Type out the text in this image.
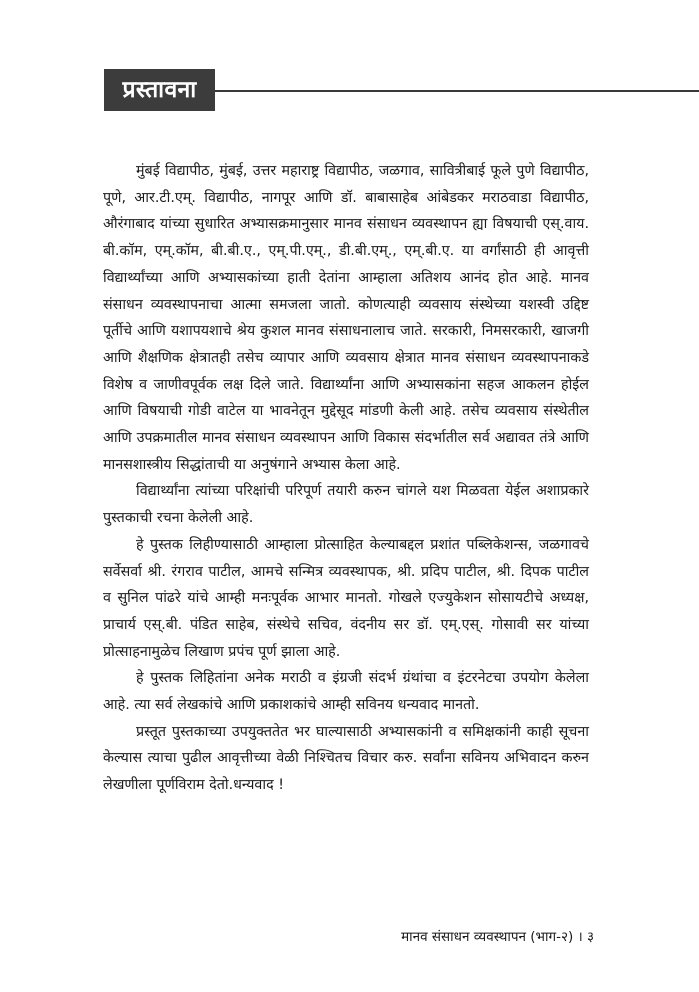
प्रस्तावना

मुंबई विद्यापीठ, मुंबई, उत्तर महाराष्ट्र विद्यापीठ, जळगाव, सावित्रीबाई फूले पुणे विद्यापीठ, पूणे, आर.टी.एम्. विद्यापीठ, नागपूर आणि डॉ. बाबासाहेब आंबेडकर मराठवाडा विद्यापीठ, औरंगाबाद यांच्या सुधारित अभ्यासक्रमानुसार मानव संसाधन व्यवस्थापन ह्या विषयाची एस्.वाय. बी.कॉम, एम्.कॉम, बी.बी.ए., एम्.पी.एम्., डी.बी.एम्., एम्.बी.ए. या वर्गांसाठी ही आवृत्ती विद्यार्थ्यांच्या आणि अभ्यासकांच्या हाती देतांना आम्हाला अतिशय आनंद होत आहे. मानव संसाधन व्यवस्थापनाचा आत्मा समजला जातो. कोणत्याही व्यवसाय संस्थेच्या यशस्वी उद्दिष्ट पूर्तीचे आणि यशापयशाचे श्रेय कुशल मानव संसाधनालाच जाते. सरकारी, निमसरकारी, खाजगी आणि शैक्षणिक क्षेत्रातही तसेच व्यापार आणि व्यवसाय क्षेत्रात मानव संसाधन व्यवस्थापनाकडे विशेष व जाणीवपूर्वक लक्ष दिले जाते. विद्यार्थ्यांना आणि अभ्यासकांना सहज आकलन होईल आणि विषयाची गोडी वाटेल या भावनेतून मुद्देसूद मांडणी केली आहे. तसेच व्यवसाय संस्थेतील आणि उपक्रमातील मानव संसाधन व्यवस्थापन आणि विकास संदर्भातील सर्व अद्यावत तंत्रे आणि मानसशास्त्रीय सिद्धांताची या अनुषंगाने अभ्यास केला आहे.

विद्यार्थ्यांना त्यांच्या परिक्षांची परिपूर्ण तयारी करुन चांगले यश मिळवता येईल अशाप्रकारे पुस्तकाची रचना केलेली आहे.

हे पुस्तक लिहीण्यासाठी आम्हाला प्रोत्साहित केल्याबद्दल प्रशांत पब्लिकेशन्स, जळगावचे सर्वेसर्वा श्री. रंगराव पाटील, आमचे सन्मित्र व्यवस्थापक, श्री. प्रदिप पाटील, श्री. दिपक पाटील व सुनिल पांढरे यांचे आम्ही मनःपूर्वक आभार मानतो. गोखले एज्युकेशन सोसायटीचे अध्यक्ष, प्राचार्य एस्.बी. पंडित साहेब, संस्थेचे सचिव, वंदनीय सर डॉ. एम्.एस्. गोसावी सर यांच्या प्रोत्साहनामुळेच लिखाण प्रपंच पूर्ण झाला आहे.

हे पुस्तक लिहितांना अनेक मराठी व इंग्रजी संदर्भ ग्रंथांचा व इंटरनेटचा उपयोग केलेला आहे. त्या सर्व लेखकांचे आणि प्रकाशकांचे आम्ही सविनय धन्यवाद मानतो.

प्रस्तूत पुस्तकाच्या उपयुक्ततेत भर घाल्यासाठी अभ्यासकांनी व समिक्षकांनी काही सूचना केल्यास त्याचा पुढील आवृत्तीच्या वेळी निश्चितच विचार करु. सर्वांना सविनय अभिवादन करुन लेखणीला पूर्णविराम देतो.धन्यवाद !

मानव संसाधन व्यवस्थापन (भाग-२) । ३
